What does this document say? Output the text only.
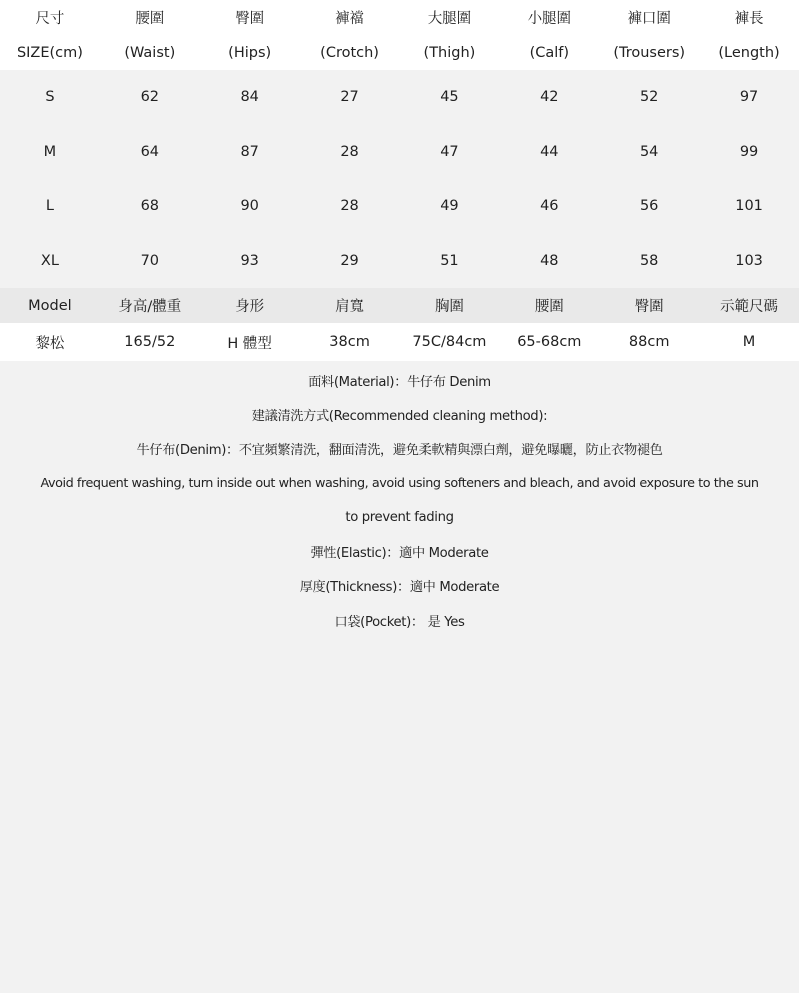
尺寸	腰圍	臀圍	褲襠	大腿圍	小腿圍	褲口圍	褲長
SIZE(cm)	(Waist)	(Hips)	(Crotch)	(Thigh)	(Calf)	(Trousers)	(Length)
S	62	84	27	45	42	52	97
M	64	87	28	47	44	54	99
L	68	90	28	49	46	56	101
XL	70	93	29	51	48	58	103
Model	身高/體重	身形	肩寬	胸圍	腰圍	臀圍	示範尺碼
黎松	165/52	H 體型	38cm	75C/84cm	65-68cm	88cm	M
面料(Material)：牛仔布 Denim
建議清洗方式(Recommended cleaning method):
牛仔布(Denim)：不宜頻繁清洗，翻面清洗，避免柔軟精與漂白劑，避免曝曬，防止衣物褪色
Avoid frequent washing, turn inside out when washing, avoid using softeners and bleach, and avoid exposure to the sun
to prevent fading
彈性(Elastic)：適中 Moderate
厚度(Thickness)：適中 Moderate
口袋(Pocket)： 是 Yes
